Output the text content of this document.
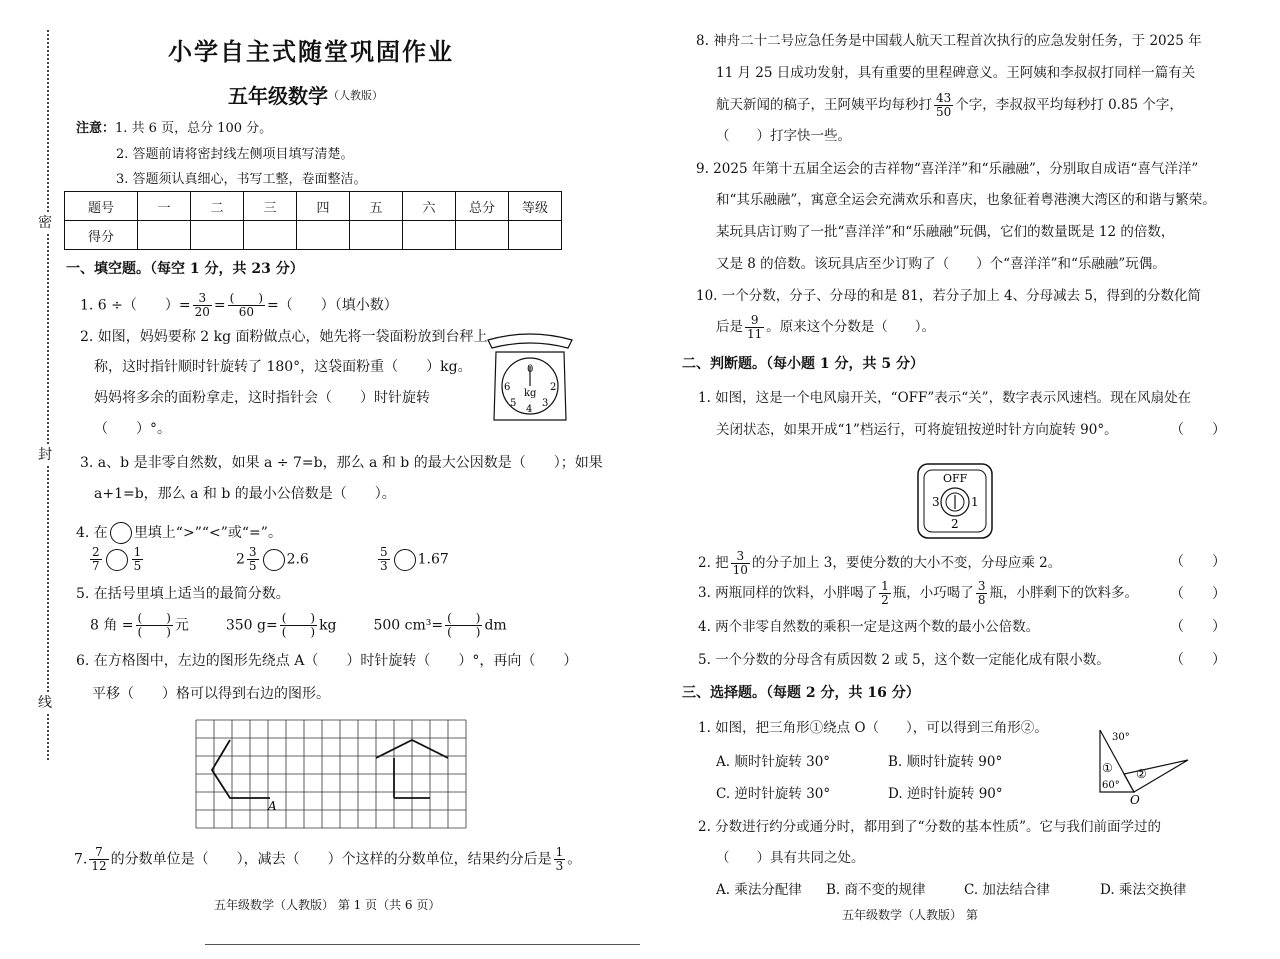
密
封
线
小学自主式随堂巩固作业
五年级数学$^{(人教版)}$
注意：1. 共 6 页，总分 100 分。
2. 答题前请将密封线左侧项目填写清楚。
3. 答题须认真细心，书写工整，卷面整洁。
题号	一	二	三	四	五	六	总分	等级
得分								
一、填空题。（每空 1 分，共 23 分）
1. 6 ÷（　　）= $\frac{3}{20} = \frac{( )}{60}$ =（　　）（填小数）
2. 如图，妈妈要称 2 kg 面粉做点心，她先将一袋面粉放到台秤上
称，这时指针顺时针旋转了 180°，这袋面粉重（　　）kg。
妈妈将多余的面粉拿走，这时指针会（　　）时针旋转
（　　）°。
0
2
3
4
5
6
kg
3. a、b 是非零自然数，如果 a ÷ 7=b，那么 a 和 b 的最大公因数是（　　）；如果
a+1=b，那么 a 和 b 的最小公倍数是（　　）。
4. 在 里填上“>”“<”或“=”。
$\frac{2}{7}$	$\frac{1}{5}$	$2 \frac{3}{5} 2.6$	$\frac{5}{3} 1.67$
5. 在括号里填上适当的最简分数。
8 角 = $\frac{( )}{( )}$ 元	350 $g= \frac{( )}{( )}$ kg	500 $cm^3= \frac{( )}{( )}$ dm
6. 在方格图中，左边的图形先绕点 A（　　）时针旋转（　　）°，再向（　　）
平移（　　）格可以得到右边的图形。
A
7. $\frac{7}{12}$ 的分数单位是（　　），减去（　　）个这样的分数单位，结果约分后是 $\frac{1}{3}$ 。
五年级数学（人教版） 第 1 页（共 6 页）
8. 神舟二十二号应急任务是中国载人航天工程首次执行的应急发射任务，于 2025 年
11 月 25 日成功发射，具有重要的里程碑意义。王阿姨和李叔叔打同样一篇有关
航天新闻的稿子，王阿姨平均每秒打 $\frac{43}{50}$ 个字，李叔叔平均每秒打 0.85 个字，
（　　）打字快一些。
9. 2025 年第十五届全运会的吉祥物“喜洋洋”和“乐融融”，分别取自成语“喜气洋洋”
和“其乐融融”，寓意全运会充满欢乐和喜庆，也象征着粤港澳大湾区的和谐与繁荣。
某玩具店订购了一批“喜洋洋”和“乐融融”玩偶，它们的数量既是 12 的倍数，
又是 8 的倍数。该玩具店至少订购了（　　）个“喜洋洋”和“乐融融”玩偶。
10. 一个分数，分子、分母的和是 81，若分子加上 4、分母减去 5，得到的分数化简
后是 $\frac{9}{11}$ 。原来这个分数是（　　）。
二、判断题。（每小题 1 分，共 5 分）
1. 如图，这是一个电风扇开关，“OFF”表示“关”，数字表示风速档。现在风扇处在
关闭状态，如果开成“1”档运行，可将旋钮按逆时针方向旋转 90°。	（　　）
OFF
1
2
3
2. 把 $\frac{3}{10}$ 的分子加上 3，要使分数的大小不变，分母应乘 2。	（　　）
3. 两瓶同样的饮料，小胖喝了 $\frac{1}{2}$ 瓶，小巧喝了 $\frac{3}{8}$ 瓶，小胖剩下的饮料多。 （　　）
4. 两个非零自然数的乘积一定是这两个数的最小公倍数。	（　　）
5. 一个分数的分母含有质因数 2 或 5，这个数一定能化成有限小数。	（　　）
三、选择题。（每题 2 分，共 16 分）
1. 如图，把三角形①绕点 O（　　），可以得到三角形②。
A. 顺时针旋转 30°	B. 顺时针旋转 90°
C. 逆时针旋转 30°	D. 逆时针旋转 90°
30°
60°
① ②
O
2. 分数进行约分或通分时，都用到了“分数的基本性质”。它与我们前面学过的
（　　）具有共同之处。
A. 乘法分配律 B. 商不变的规律	C. 加法结合律	D. 乘法交换律
五年级数学（人教版） 第
